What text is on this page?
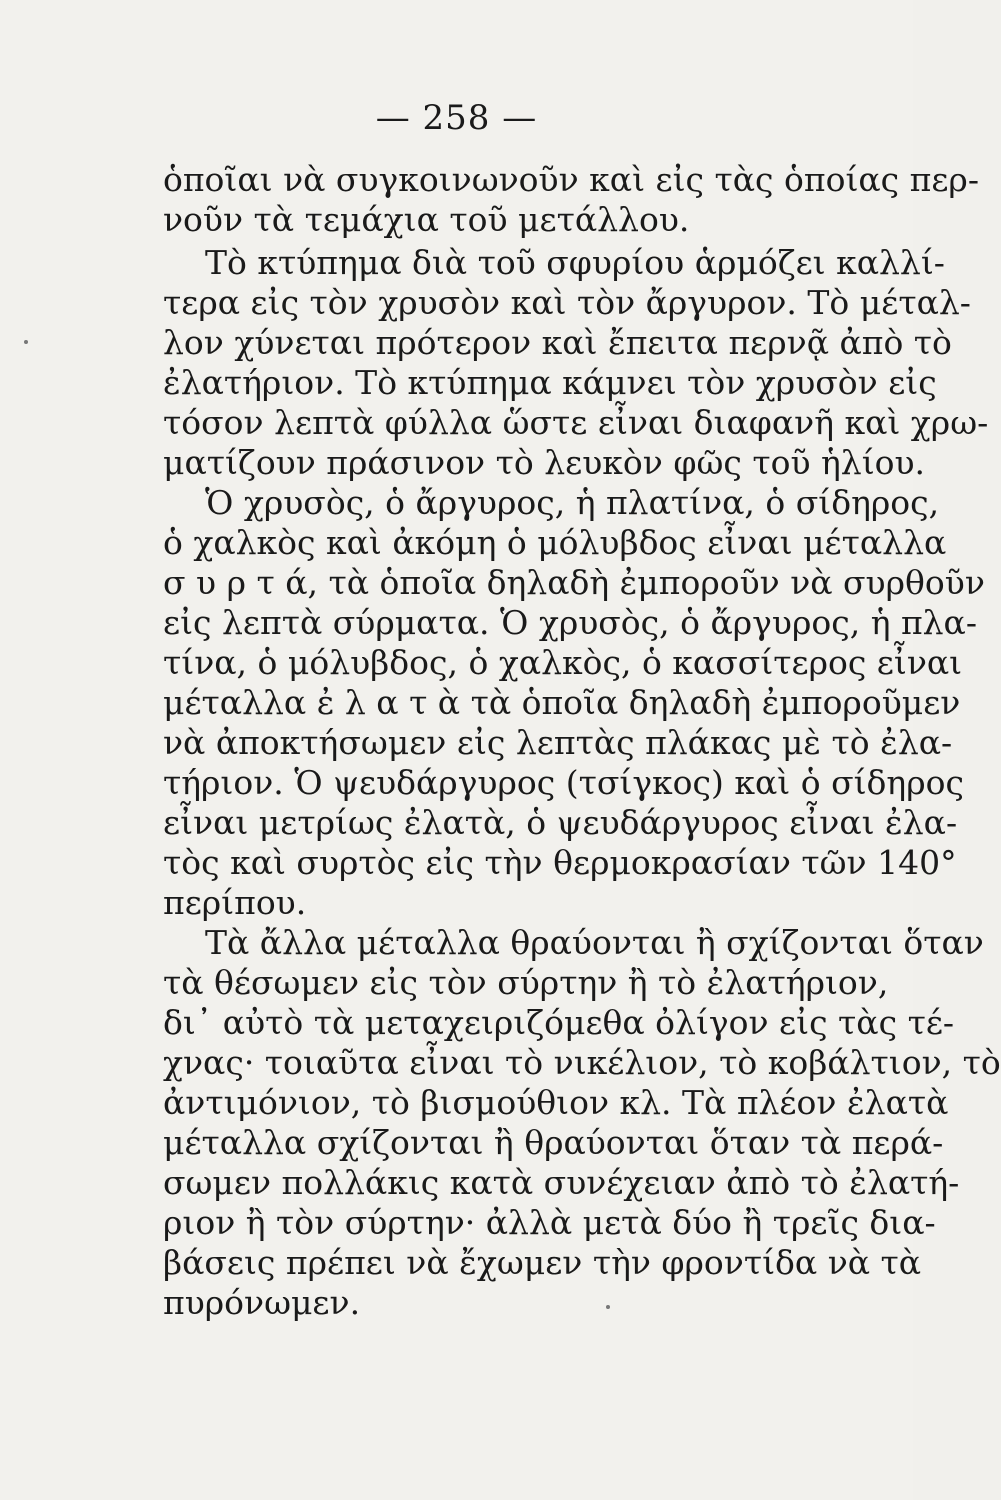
— 258 —
ὁποῖαι νὰ συγκοινωνοῦν καὶ εἰς τὰς ὁποίας περ-
νοῦν τὰ τεμάχια τοῦ μετάλλου.
Τὸ κτύπημα διὰ τοῦ σφυρίου ἁρμόζει καλλί-
τερα εἰς τὸν χρυσὸν καὶ τὸν ἄργυρον. Τὸ μέταλ-
λον χύνεται πρότερον καὶ ἔπειτα περνᾷ ἀπὸ τὸ
ἐλατήριον. Τὸ κτύπημα κάμνει τὸν χρυσὸν εἰς
τόσον λεπτὰ φύλλα ὥστε εἶναι διαφανῆ καὶ χρω-
ματίζουν πράσινον τὸ λευκὸν φῶς τοῦ ἡλίου.
Ὁ χρυσὸς, ὁ ἄργυρος, ἡ πλατίνα, ὁ σίδηρος,
ὁ χαλκὸς καὶ ἀκόμη ὁ μόλυβδος εἶναι μέταλλα
σ υ ρ τ ά, τὰ ὁποῖα δηλαδὴ ἐμποροῦν νὰ συρθοῦν
εἰς λεπτὰ σύρματα. Ὁ χρυσὸς, ὁ ἄργυρος, ἡ πλα-
τίνα, ὁ μόλυβδος, ὁ χαλκὸς, ὁ κασσίτερος εἶναι
μέταλλα ἐ λ α τ ὰ τὰ ὁποῖα δηλαδὴ ἐμποροῦμεν
νὰ ἀποκτήσωμεν εἰς λεπτὰς πλάκας μὲ τὸ ἐλα-
τήριον. Ὁ ψευδάργυρος (τσίγκος) καὶ ὁ σίδηρος
εἶναι μετρίως ἐλατὰ, ὁ ψευδάργυρος εἶναι ἐλα-
τὸς καὶ συρτὸς εἰς τὴν θερμοκρασίαν τῶν 140°
περίπου.
Τὰ ἄλλα μέταλλα θραύονται ἢ σχίζονται ὅταν
τὰ θέσωμεν εἰς τὸν σύρτην ἢ τὸ ἐλατήριον,
δι᾽ αὐτὸ τὰ μεταχειριζόμεθα ὀλίγον εἰς τὰς τέ-
χνας· τοιαῦτα εἶναι τὸ νικέλιον, τὸ κοβάλτιον, τὸ
ἀντιμόνιον, τὸ βισμούθιον κλ. Τὰ πλέον ἐλατὰ
μέταλλα σχίζονται ἢ θραύονται ὅταν τὰ περά-
σωμεν πολλάκις κατὰ συνέχειαν ἀπὸ τὸ ἐλατή-
ριον ἢ τὸν σύρτην· ἀλλὰ μετὰ δύο ἢ τρεῖς δια-
βάσεις πρέπει νὰ ἔχωμεν τὴν φροντίδα νὰ τὰ
πυρόνωμεν.
